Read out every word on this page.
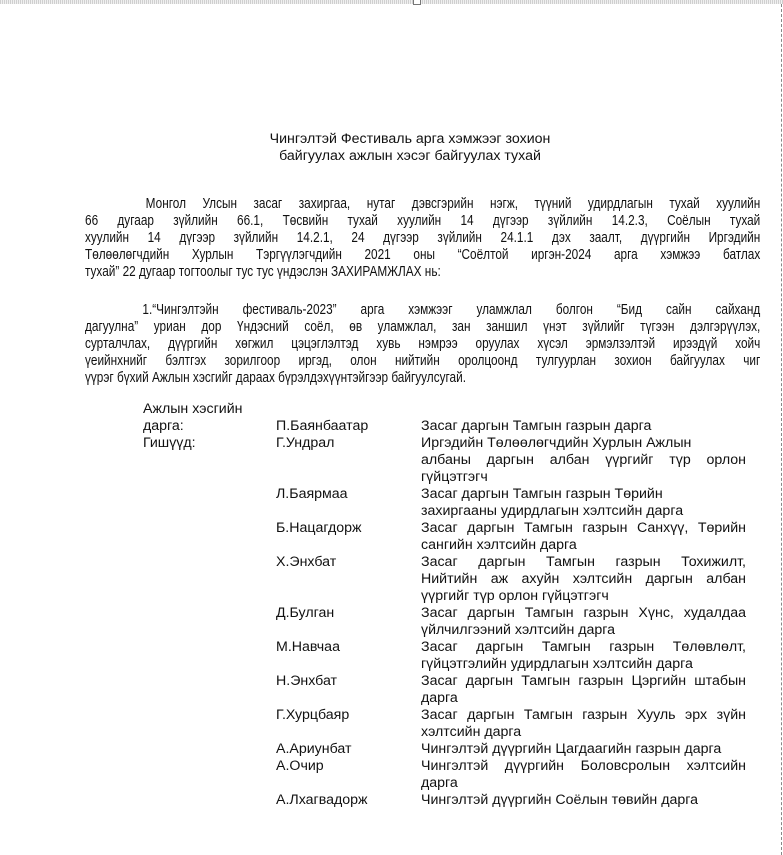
Чингэлтэй Фестиваль арга хэмжээг зохион
байгуулах ажлын хэсэг байгуулах тухай
Монгол Улсын засаг захиргаа, нутаг дэвсгэрийн нэгж, түүний удирдлагын тухай хуулийн
66 дугаар зүйлийн 66.1, Төсвийн тухай хуулийн 14 дүгээр зүйлийн 14.2.3, Соёлын тухай
хуулийн 14 дүгээр зүйлийн 14.2.1, 24 дүгээр зүйлийн 24.1.1 дэх заалт, дүүргийн Иргэдийн
Төлөөлөгчдийн Хурлын Тэргүүлэгчдийн 2021 оны “Соёлтой иргэн-2024 арга хэмжээ батлах
тухай” 22 дугаар тогтоолыг тус тус үндэслэн ЗАХИРАМЖЛАХ нь:
1.“Чингэлтэйн фестиваль-2023” арга хэмжээг уламжлал болгон “Бид сайн сайханд
дагуулна” уриан дор Үндэсний соёл, өв уламжлал, зан заншил үнэт зүйлийг түгээн дэлгэрүүлэх,
сурталчлах, дүүргийн хөгжил цэцэглэлтэд хувь нэмрээ оруулах хүсэл эрмэлзэлтэй ирээдүй хойч
үеийнхнийг бэлтгэх зорилгоор иргэд, олон нийтийн оролцоонд тулгуурлан зохион байгуулах чиг
үүрэг бүхий Ажлын хэсгийг дараах бүрэлдэхүүнтэйгээр байгуулсугай.
Ажлын хэсгийн
дарга:	П.Баянбаатар	Засаг даргын Тамгын газрын дарга
Гишүүд:	Г.Ундрал	Иргэдийн Төлөөлөгчдийн Хурлын Ажлын
албаны даргын албан үүргийг түр орлон
гүйцэтгэгч
Л.Баярмаа	Засаг даргын Тамгын газрын Төрийн
захиргааны удирдлагын хэлтсийн дарга
Б.Нацагдорж	Засаг даргын Тамгын газрын Санхүү, Төрийн
сангийн хэлтсийн дарга
Х.Энхбат	Засаг даргын Тамгын газрын Тохижилт,
Нийтийн аж ахуйн хэлтсийн даргын албан
үүргийг түр орлон гүйцэтгэгч
Д.Булган	Засаг даргын Тамгын газрын Хүнс, худалдаа
үйлчилгээний хэлтсийн дарга
М.Навчаа	Засаг даргын Тамгын газрын Төлөвлөлт,
гүйцэтгэлийн удирдлагын хэлтсийн дарга
Н.Энхбат	Засаг даргын Тамгын газрын Цэргийн штабын
дарга
Г.Хурцбаяр	Засаг даргын Тамгын газрын Хууль эрх зүйн
хэлтсийн дарга
А.Ариунбат	Чингэлтэй дүүргийн Цагдаагийн газрын дарга
А.Очир	Чингэлтэй дүүргийн Боловсролын хэлтсийн
дарга
А.Лхагвадорж	Чингэлтэй дүүргийн Соёлын төвийн дарга
